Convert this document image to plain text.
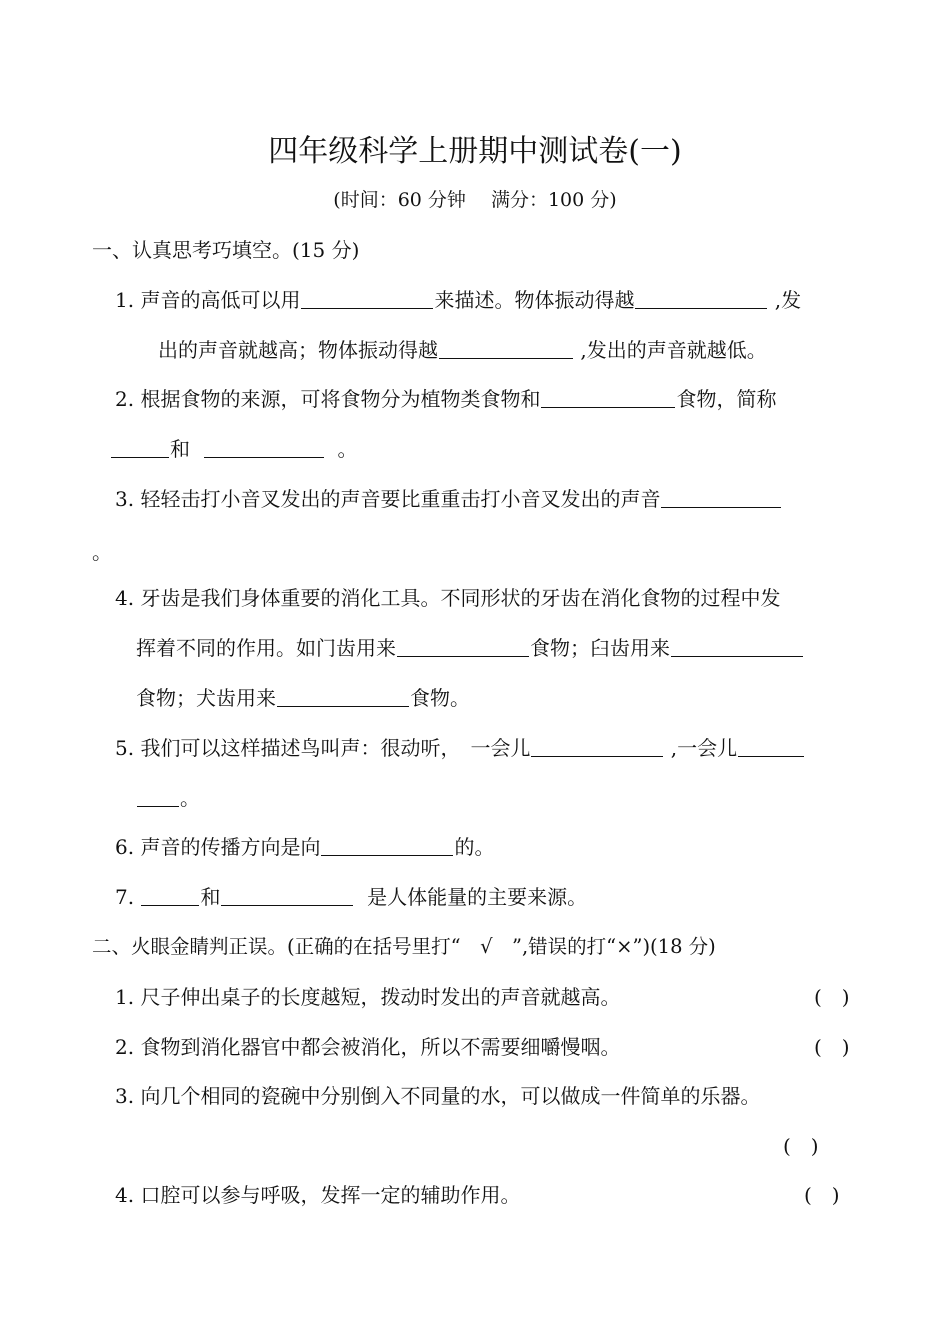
四年级科学上册期中测试卷(一)
(时间：60 分钟　 满分：100 分)
一、认真思考巧填空。(15 分)
1. 声音的高低可以用	来描述。物体振动得越	,发
出的声音就越高；物体振动得越	,发出的声音就越低。
2. 根据食物的来源，可将食物分为植物类食物和	食物，简称
和	。
3. 轻轻击打小音叉发出的声音要比重重击打小音叉发出的声音
。
4. 牙齿是我们身体重要的消化工具。不同形状的牙齿在消化食物的过程中发
挥着不同的作用。如门齿用来	食物；臼齿用来
食物；犬齿用来	食物。
5. 我们可以这样描述鸟叫声：很动听，　一会儿	,一会儿
。
6. 声音的传播方向是向	的。
7.	和	是人体能量的主要来源。
二、火眼金睛判正误。(正确的在括号里打“　√　”,错误的打“×”)(18 分)
1. 尺子伸出桌子的长度越短，拨动时发出的声音就越高。	(　)
2. 食物到消化器官中都会被消化，所以不需要细嚼慢咽。	(　)
3. 向几个相同的瓷碗中分别倒入不同量的水，可以做成一件简单的乐器。
(　)
4. 口腔可以参与呼吸，发挥一定的辅助作用。	(　)
